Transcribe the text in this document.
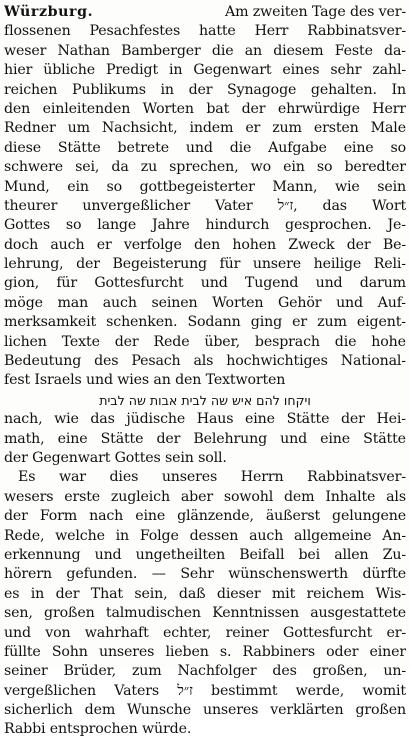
Würzburg.	Am zweiten Tage des ver-
flossenen Pesachfestes hatte Herr Rabbinatsver-
weser Nathan Bamberger die an diesem Feste da-
hier übliche Predigt in Gegenwart eines sehr zahl-
reichen Publikums in der Synagoge gehalten. In
den einleitenden Worten bat der ehrwürdige Herr
Redner um Nachsicht, indem er zum ersten Male
diese Stätte betrete und die Aufgabe eine so
schwere sei, da zu sprechen, wo ein so beredter
Mund, ein so gottbegeisterter Mann, wie sein
theurer unvergeßlicher Vater ז״ל, das Wort
Gottes so lange Jahre hindurch gesprochen. Je-
doch auch er verfolge den hohen Zweck der Be-
lehrung, der Begeisterung für unsere heilige Reli-
gion, für Gottesfurcht und Tugend und darum
möge man auch seinen Worten Gehör und Auf-
merksamkeit schenken. Sodann ging er zum eigent-
lichen Texte der Rede über, besprach die hohe
Bedeutung des Pesach als hochwichtiges National-
fest Israels und wies an den Textworten
ויקחו להם איש שה לבית אבות שה לבית
nach, wie das jüdische Haus eine Stätte der Hei-
math, eine Stätte der Belehrung und eine Stätte
der Gegenwart Gottes sein soll.
Es war dies unseres Herrn Rabbinatsver-
wesers erste zugleich aber sowohl dem Inhalte als
der Form nach eine glänzende, äußerst gelungene
Rede, welche in Folge dessen auch allgemeine An-
erkennung und ungetheilten Beifall bei allen Zu-
hörern gefunden. — Sehr wünschenswerth dürfte
es in der That sein, daß dieser mit reichem Wis-
sen, großen talmudischen Kenntnissen ausgestattete
und von wahrhaft echter, reiner Gottesfurcht er-
füllte Sohn unseres lieben s. Rabbiners oder einer
seiner Brüder, zum Nachfolger des großen, un-
vergeßlichen Vaters ז״ל bestimmt werde, womit
sicherlich dem Wunsche unseres verklärten großen
Rabbi entsprochen würde.
